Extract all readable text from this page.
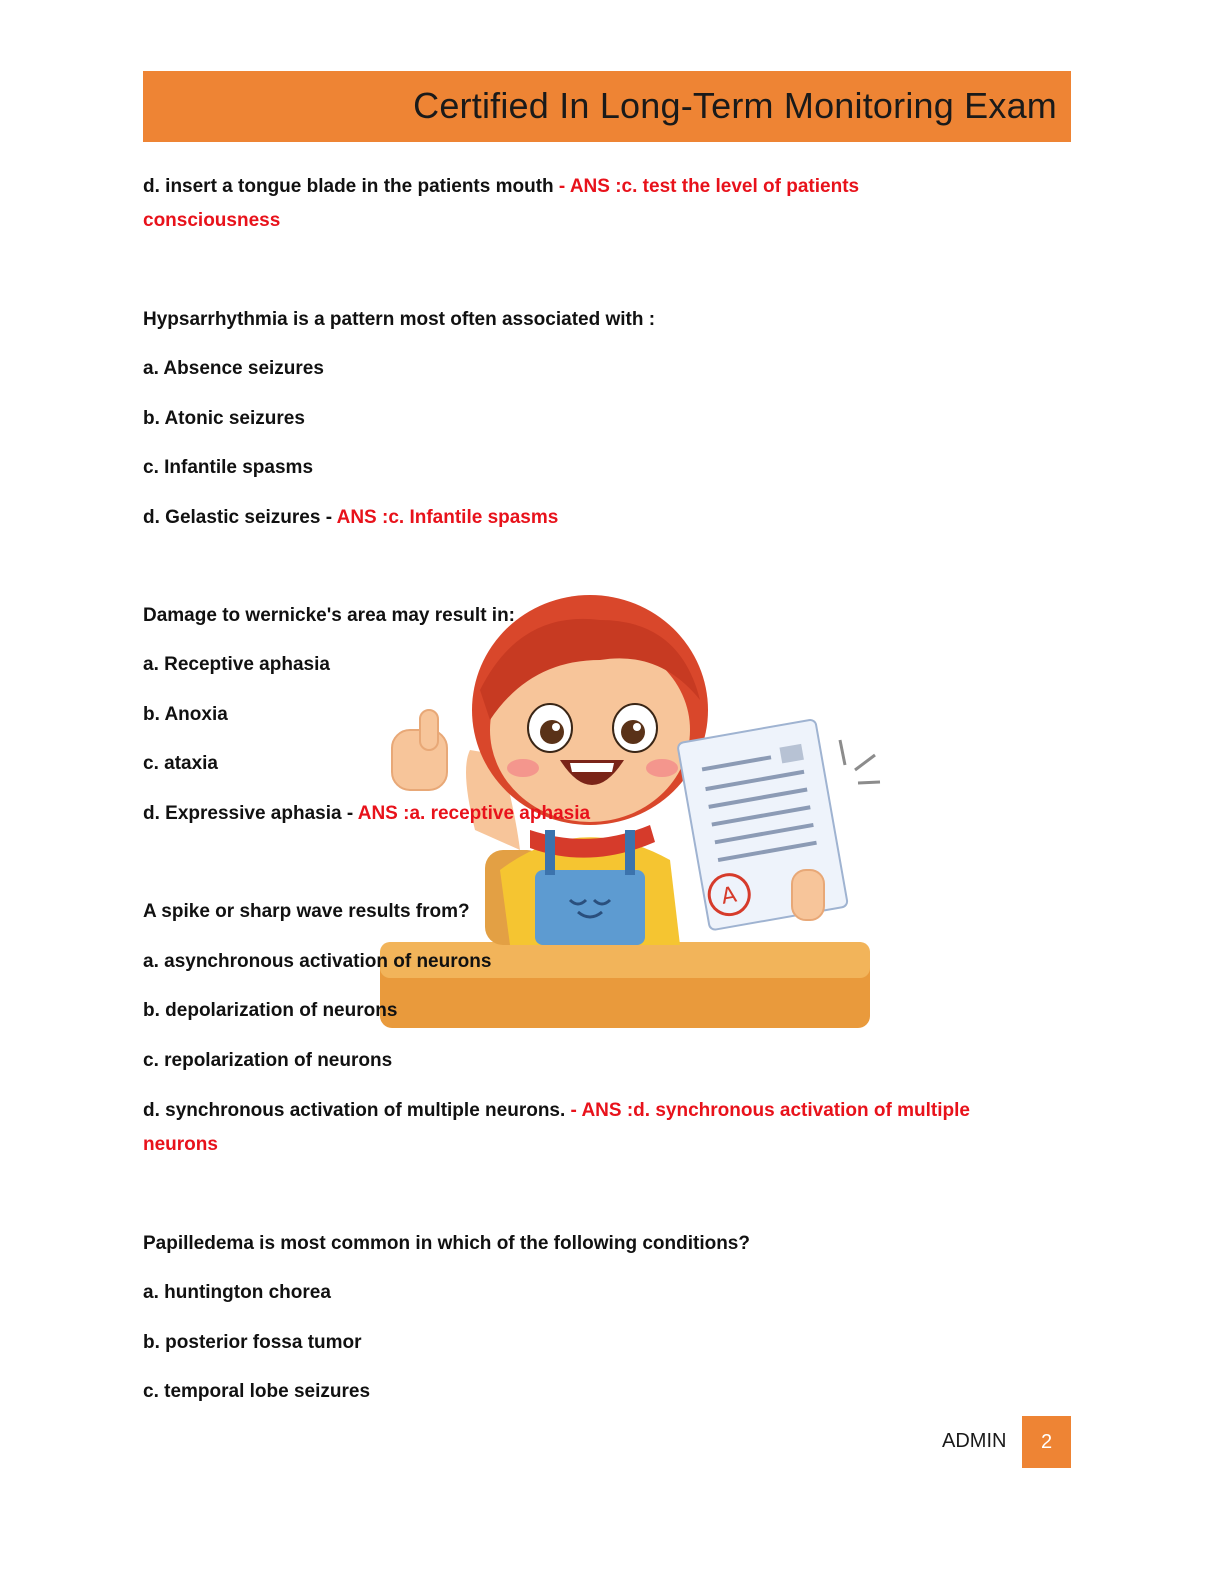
Certified In Long-Term Monitoring Exam
A
d. insert a tongue blade in the patients mouth - ANS :c. test the level of patients
consciousness
Hypsarrhythmia is a pattern most often associated with :
a. Absence seizures
b. Atonic seizures
c. Infantile spasms
d. Gelastic seizures - ANS :c. Infantile spasms
Damage to wernicke's area may result in:
a. Receptive aphasia
b. Anoxia
c. ataxia
d. Expressive aphasia - ANS :a. receptive aphasia
A spike or sharp wave results from?
a. asynchronous activation of neurons
b. depolarization of neurons
c. repolarization of neurons
d. synchronous activation of multiple neurons. - ANS :d. synchronous activation of multiple
neurons
Papilledema is most common in which of the following conditions?
a. huntington chorea
b. posterior fossa tumor
c. temporal lobe seizures
ADMIN	2
